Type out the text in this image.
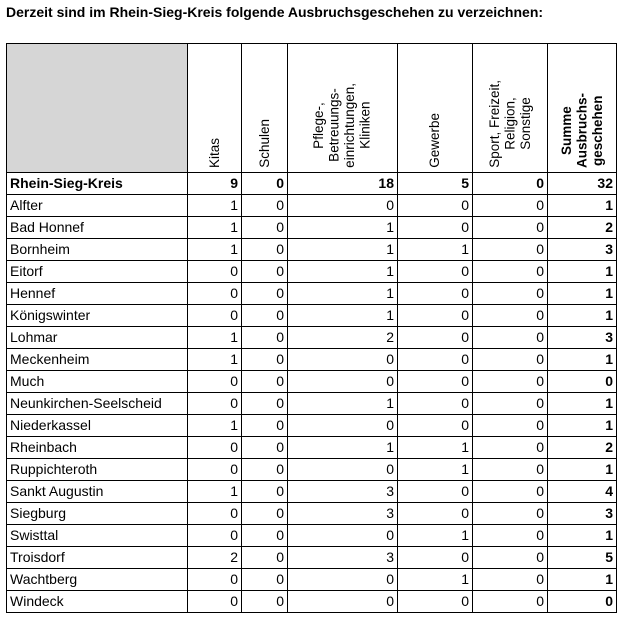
Derzeit sind im Rhein-Sieg-Kreis folgende Ausbruchsgeschehen zu verzeichnen:

	Kitas	Schulen	Pflege-,
Betreuungs-
einrichtungen,
Kliniken	Gewerbe	Sport, Freizeit,
Religion,
Sonstige	Summe
Ausbruchs-
geschehen

Rhein-Sieg-Kreis	9	0	18	5	0	32
Alfter	1	0	0	0	0	1
Bad Honnef	1	0	1	0	0	2
Bornheim	1	0	1	1	0	3
Eitorf	0	0	1	0	0	1
Hennef	0	0	1	0	0	1
Königswinter	0	0	1	0	0	1
Lohmar	1	0	2	0	0	3
Meckenheim	1	0	0	0	0	1
Much	0	0	0	0	0	0
Neunkirchen-Seelscheid	0	0	1	0	0	1
Niederkassel	1	0	0	0	0	1
Rheinbach	0	0	1	1	0	2
Ruppichteroth	0	0	0	1	0	1
Sankt Augustin	1	0	3	0	0	4
Siegburg	0	0	3	0	0	3
Swisttal	0	0	0	1	0	1
Troisdorf	2	0	3	0	0	5
Wachtberg	0	0	0	1	0	1
Windeck	0	0	0	0	0	0
